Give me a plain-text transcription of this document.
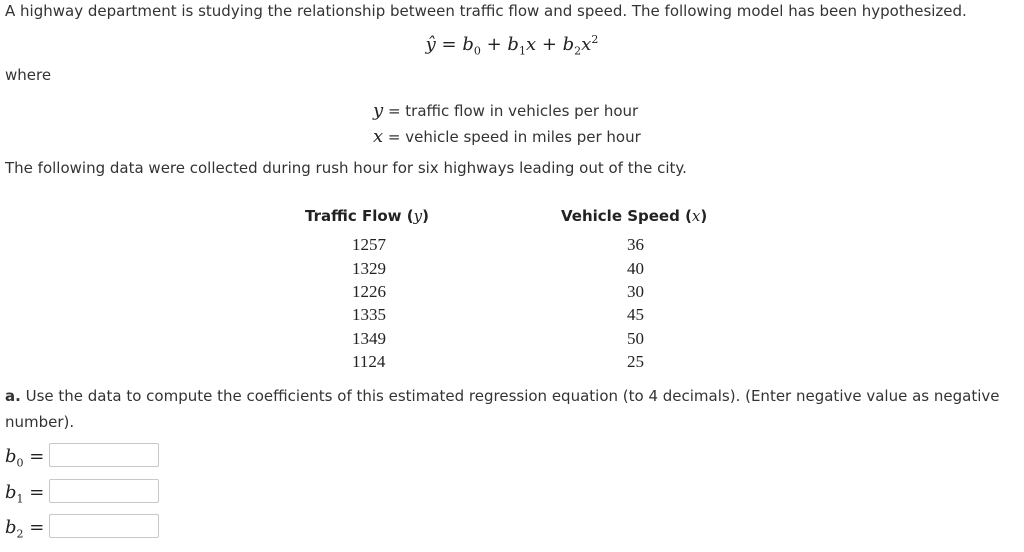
A highway department is studying the relationship between traffic flow and speed. The following model has been hypothesized.
ŷ = $b_0 + b_1x + b_2x^2$
where
y = traffic flow in vehicles per hour
x = vehicle speed in miles per hour
The following data were collected during rush hour for six highways leading out of the city.
Traffic Flow (y)	Vehicle Speed (x)
1257	36
1329	40
1226	30
1335	45
1349	50
1124	25
a. Use the data to compute the coefficients of this estimated regression equation (to 4 decimals). (Enter negative value as negative
number).
$b_0$ =
$b_1$ =
$b_2$ =
